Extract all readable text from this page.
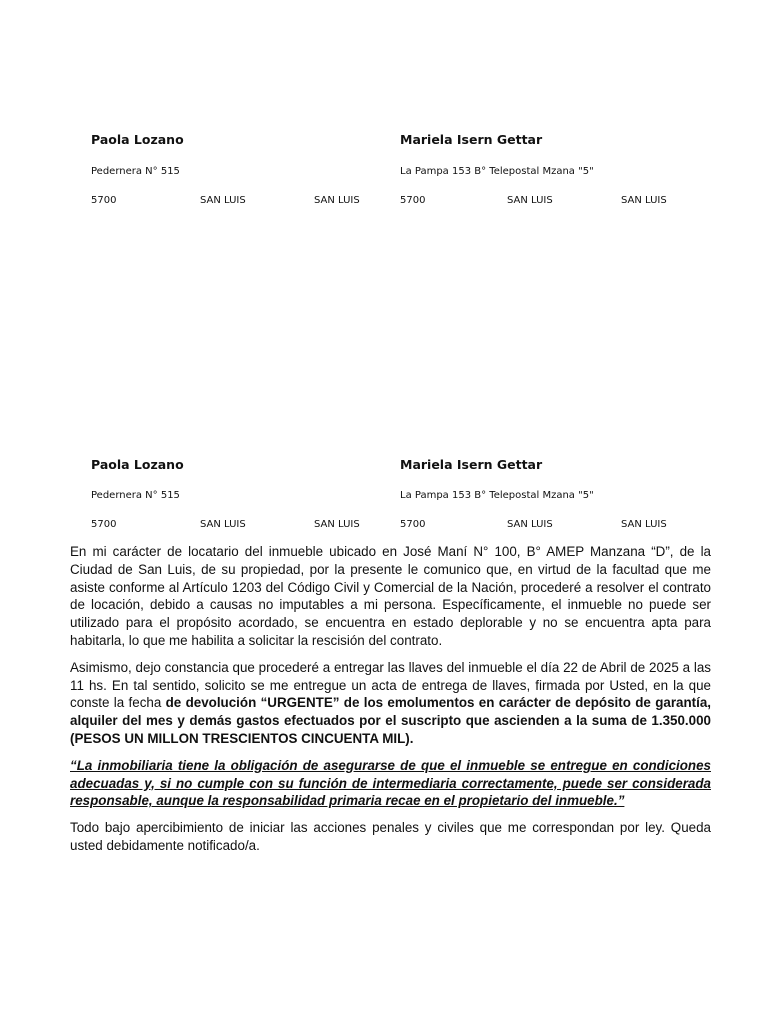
Paola Lozano
Pedernera N° 515
5700	SAN LUIS	SAN LUIS
Mariela Isern Gettar
La Pampa 153 B° Telepostal Mzana "5"
5700	SAN LUIS	SAN LUIS
Paola Lozano
Pedernera N° 515
5700	SAN LUIS	SAN LUIS
Mariela Isern Gettar
La Pampa 153 B° Telepostal Mzana "5"
5700	SAN LUIS	SAN LUIS

En mi carácter de locatario del inmueble ubicado en José Maní N° 100, B° AMEP Manzana “D”, de la Ciudad de San Luis, de su propiedad, por la presente le comunico que, en virtud de la facultad que me asiste conforme al Artículo 1203 del Código Civil y Comercial de la Nación, procederé a resolver el contrato de locación, debido a causas no imputables a mi persona. Específicamente, el inmueble no puede ser utilizado para el propósito acordado, se encuentra en estado deplorable y no se encuentra apta para habitarla, lo que me habilita a solicitar la rescisión del contrato.

Asimismo, dejo constancia que procederé a entregar las llaves del inmueble el día 22 de Abril de 2025 a las 11 hs. En tal sentido, solicito se me entregue un acta de entrega de llaves, firmada por Usted, en la que conste la fecha de devolución “URGENTE” de los emolumentos en carácter de depósito de garantía, alquiler del mes y demás gastos efectuados por el suscripto que ascienden a la suma de 1.350.000 (PESOS UN MILLON TRESCIENTOS CINCUENTA MIL).

“La inmobiliaria tiene la obligación de asegurarse de que el inmueble se entregue en condiciones adecuadas y, si no cumple con su función de intermediaria correctamente, puede ser considerada responsable, aunque la responsabilidad primaria recae en el propietario del inmueble.”

Todo bajo apercibimiento de iniciar las acciones penales y civiles que me correspondan por ley. Queda usted debidamente notificado/a.
